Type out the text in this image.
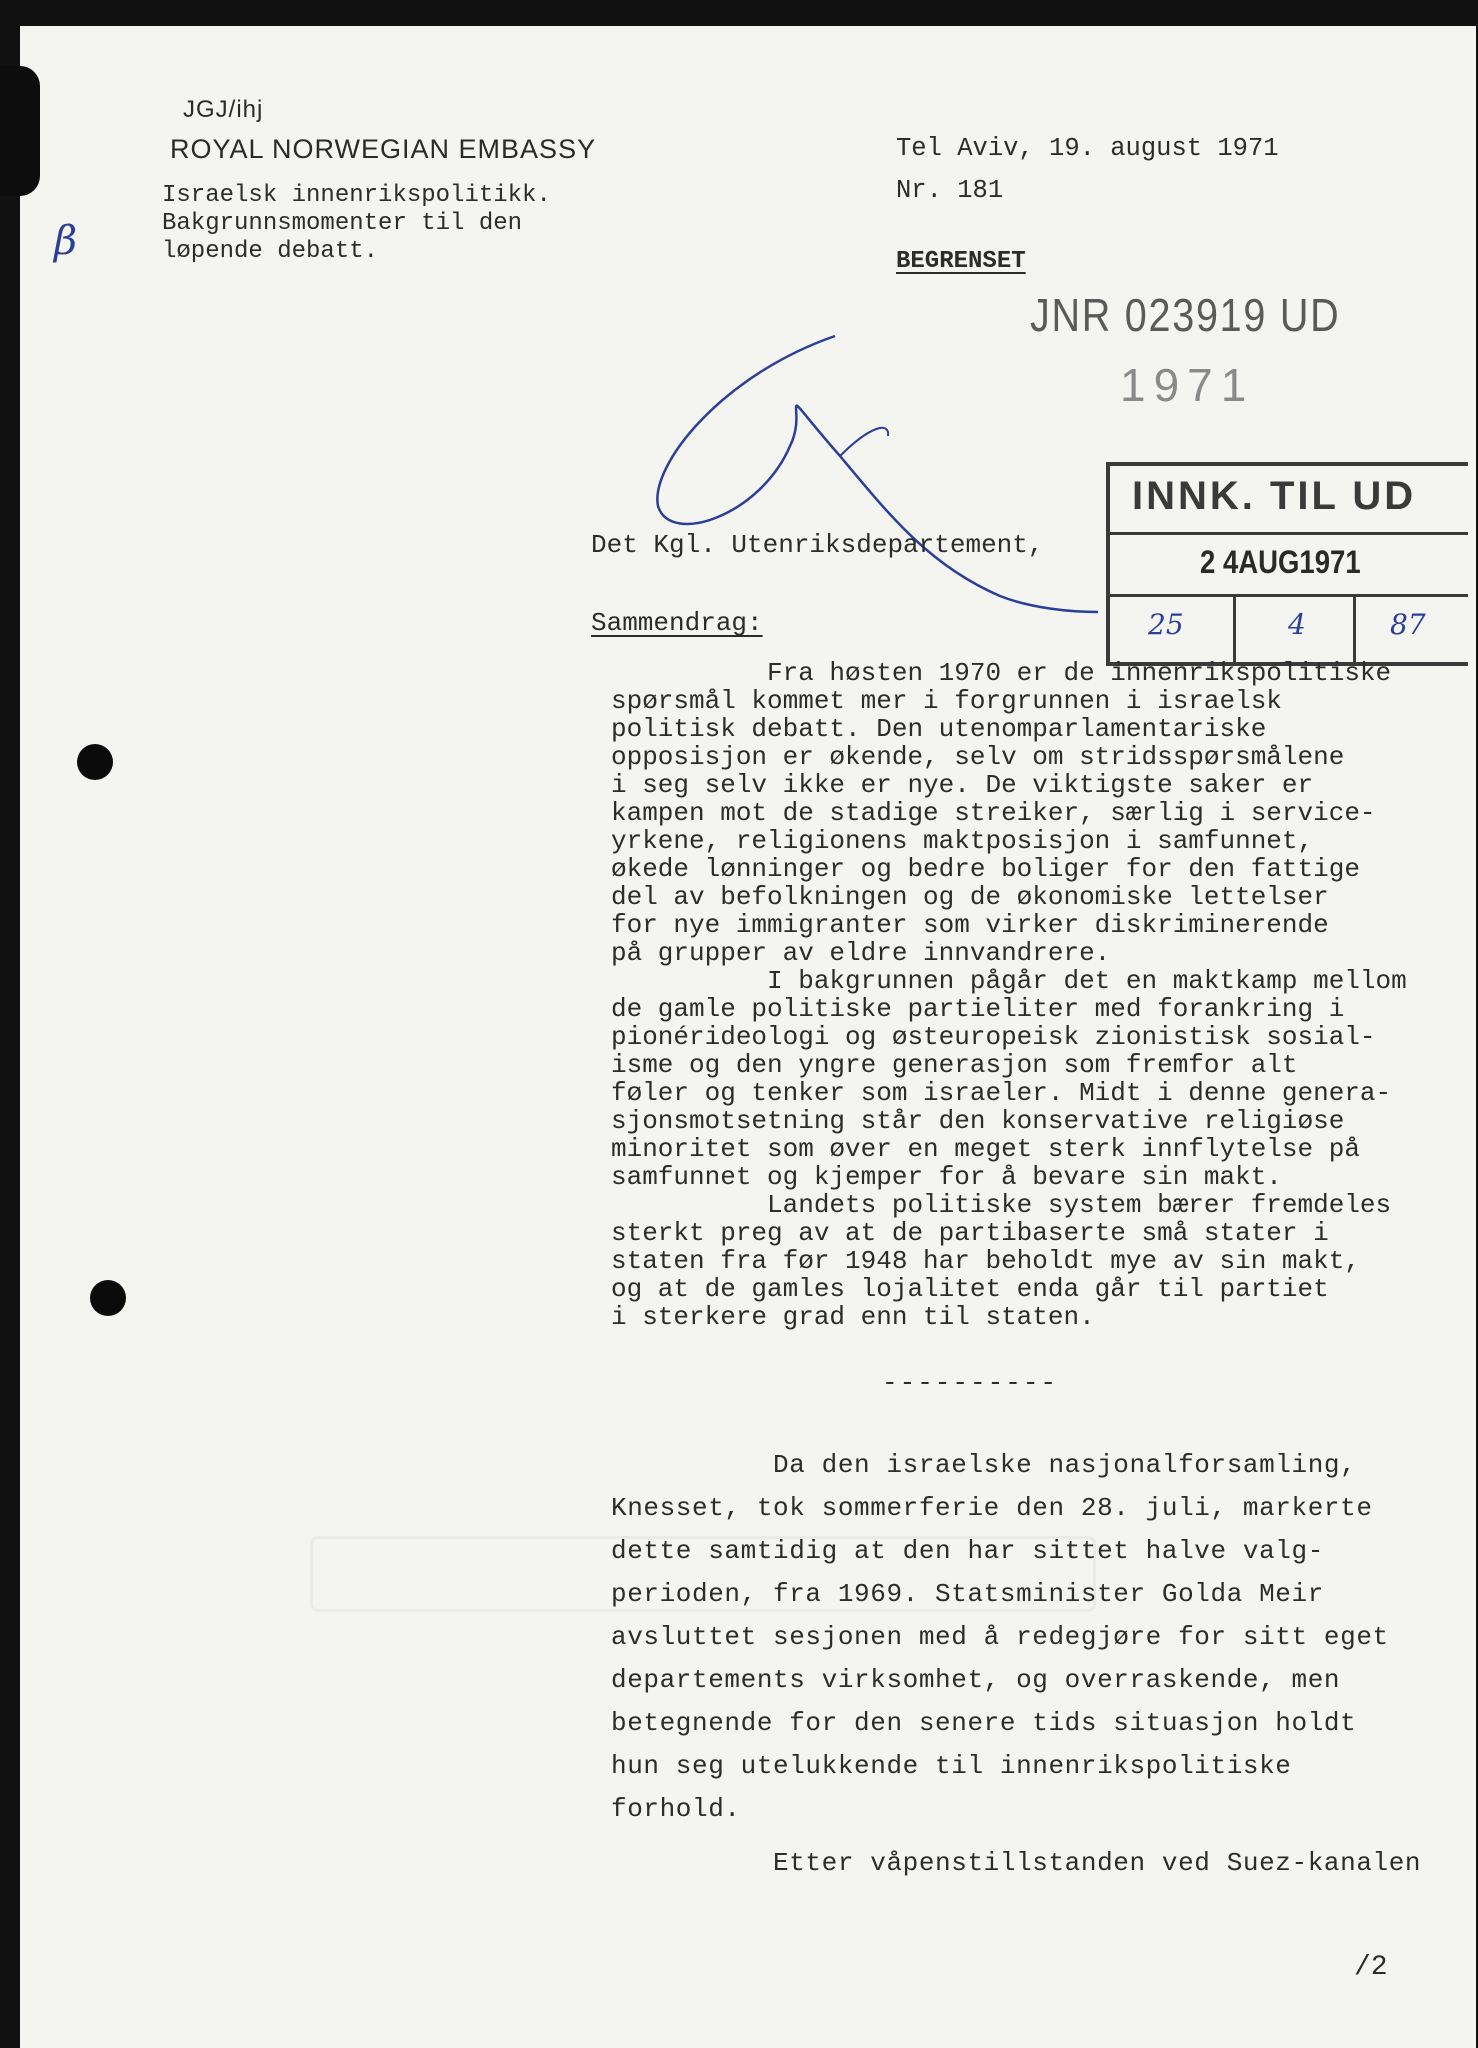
β
JGJ/ihj
ROYAL NORWEGIAN EMBASSY
Israelsk innenrikspolitikk.
Bakgrunnsmomenter til den
løpende debatt.
Tel Aviv, 19. august 1971
Nr. 181
BEGRENSET
JNR 023919 UD
1971
INNK. TIL UD
2 4AUG1971
25	4	87
Det Kgl. Utenriksdepartement,
Sammendrag:
Fra høsten 1970 er de innenrikspolitiske
spørsmål kommet mer i forgrunnen i israelsk
politisk debatt. Den utenomparlamentariske
opposisjon er økende, selv om stridsspørsmålene
i seg selv ikke er nye. De viktigste saker er
kampen mot de stadige streiker, særlig i service-
yrkene, religionens maktposisjon i samfunnet,
økede lønninger og bedre boliger for den fattige
del av befolkningen og de økonomiske lettelser
for nye immigranter som virker diskriminerende
på grupper av eldre innvandrere.
I bakgrunnen pågår det en maktkamp mellom
de gamle politiske partieliter med forankring i
pionérideologi og østeuropeisk zionistisk sosial-
isme og den yngre generasjon som fremfor alt
føler og tenker som israeler. Midt i denne genera-
sjonsmotsetning står den konservative religiøse
minoritet som øver en meget sterk innflytelse på
samfunnet og kjemper for å bevare sin makt.
Landets politiske system bærer fremdeles
sterkt preg av at de partibaserte små stater i
staten fra før 1948 har beholdt mye av sin makt,
og at de gamles lojalitet enda går til partiet
i sterkere grad enn til staten.
----------
Da den israelske nasjonalforsamling,
Knesset, tok sommerferie den 28. juli, markerte
dette samtidig at den har sittet halve valg-
perioden, fra 1969. Statsminister Golda Meir
avsluttet sesjonen med å redegjøre for sitt eget
departements virksomhet, og overraskende, men
betegnende for den senere tids situasjon holdt
hun seg utelukkende til innenrikspolitiske
forhold.
Etter våpenstillstanden ved Suez-kanalen
/2
